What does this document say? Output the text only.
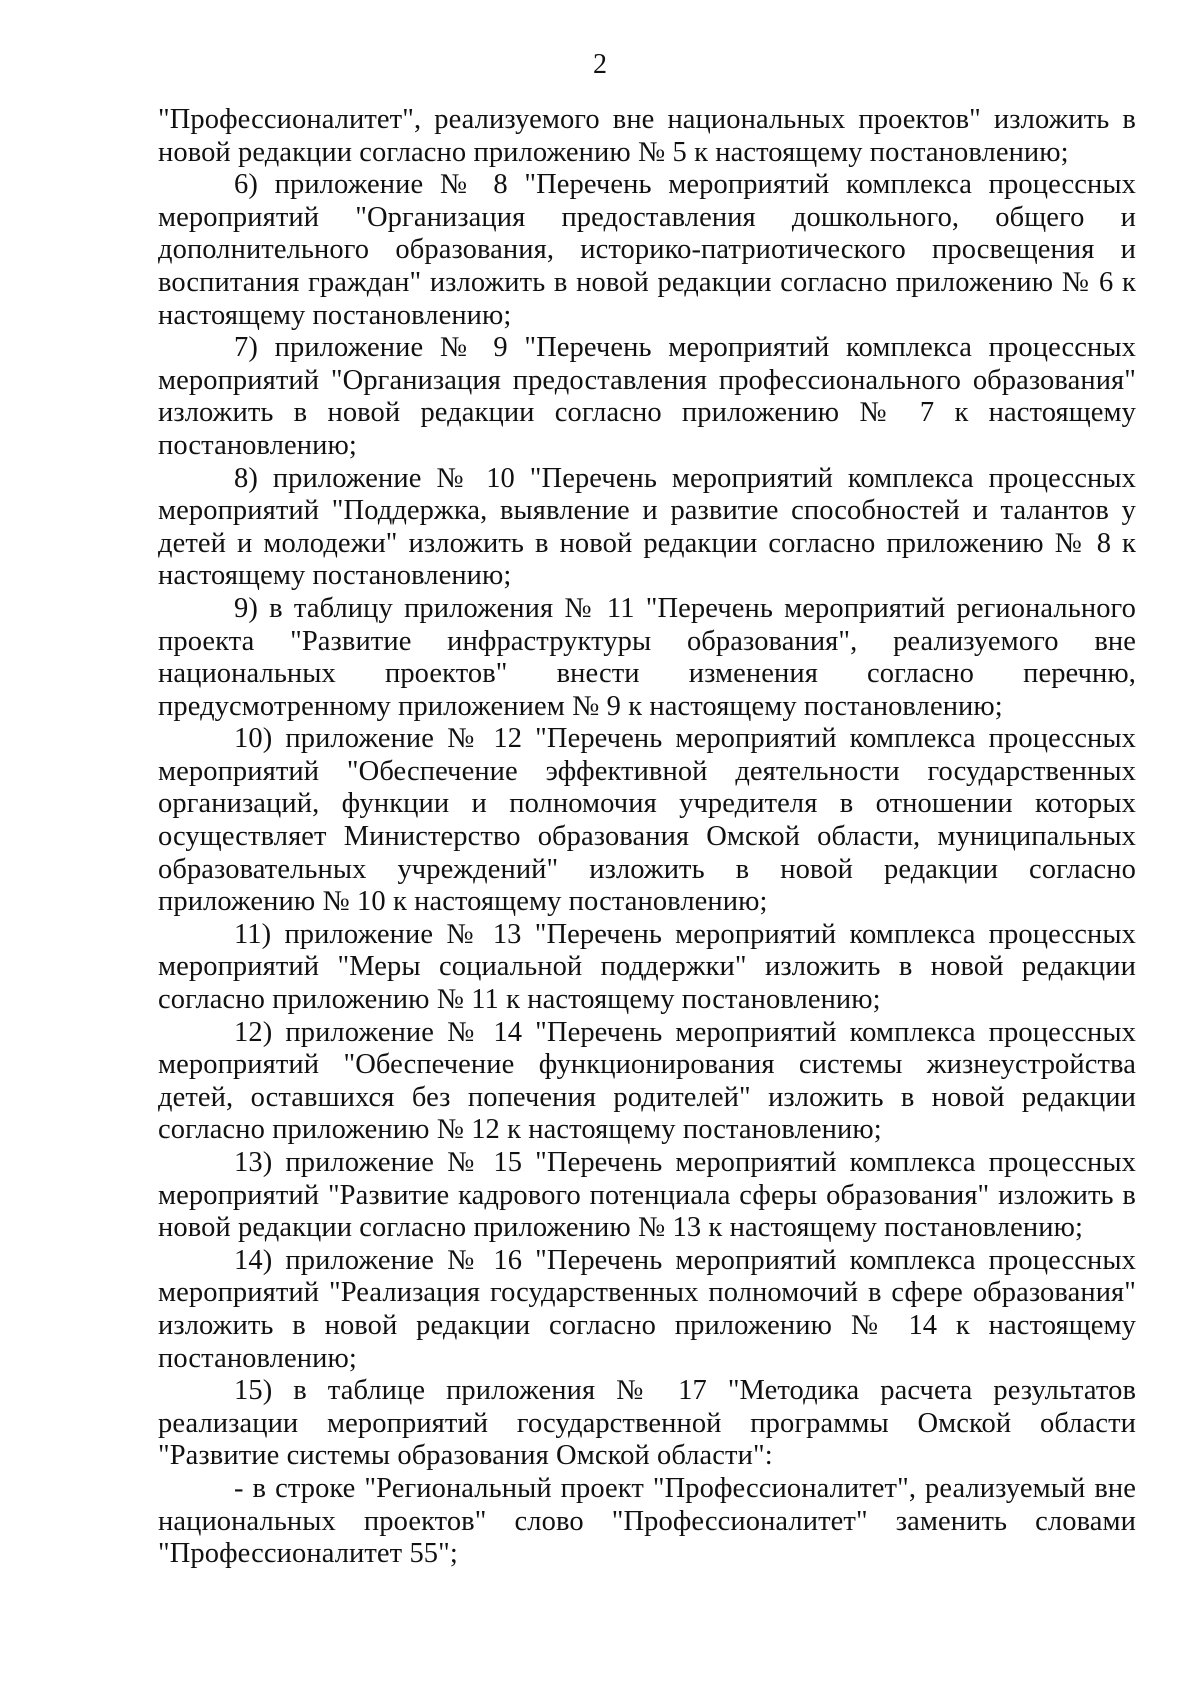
2

"Профессионалитет", реализуемого вне национальных проектов" изложить в новой редакции согласно приложению № 5 к настоящему постановлению;

6) приложение № 8 "Перечень мероприятий комплекса процессных мероприятий "Организация предоставления дошкольного, общего и дополнительного образования, историко-патриотического просвещения и воспитания граждан" изложить в новой редакции согласно приложению № 6 к настоящему постановлению;

7) приложение № 9 "Перечень мероприятий комплекса процессных мероприятий "Организация предоставления профессионального образования" изложить в новой редакции согласно приложению № 7 к настоящему постановлению;

8) приложение № 10 "Перечень мероприятий комплекса процессных мероприятий "Поддержка, выявление и развитие способностей и талантов у детей и молодежи" изложить в новой редакции согласно приложению № 8 к настоящему постановлению;

9) в таблицу приложения № 11 "Перечень мероприятий регионального проекта "Развитие инфраструктуры образования", реализуемого вне национальных проектов" внести изменения согласно перечню, предусмотренному приложением № 9 к настоящему постановлению;

10) приложение № 12 "Перечень мероприятий комплекса процессных мероприятий "Обеспечение эффективной деятельности государственных организаций, функции и полномочия учредителя в отношении которых осуществляет Министерство образования Омской области, муниципальных образовательных учреждений" изложить в новой редакции согласно приложению № 10 к настоящему постановлению;

11) приложение № 13 "Перечень мероприятий комплекса процессных мероприятий "Меры социальной поддержки" изложить в новой редакции согласно приложению № 11 к настоящему постановлению;

12) приложение № 14 "Перечень мероприятий комплекса процессных мероприятий "Обеспечение функционирования системы жизнеустройства детей, оставшихся без попечения родителей" изложить в новой редакции согласно приложению № 12 к настоящему постановлению;

13) приложение № 15 "Перечень мероприятий комплекса процессных мероприятий "Развитие кадрового потенциала сферы образования" изложить в новой редакции согласно приложению № 13 к настоящему постановлению;

14) приложение № 16 "Перечень мероприятий комплекса процессных мероприятий "Реализация государственных полномочий в сфере образования" изложить в новой редакции согласно приложению № 14 к настоящему постановлению;

15) в таблице приложения № 17 "Методика расчета результатов реализации мероприятий государственной программы Омской области "Развитие системы образования Омской области":

- в строке "Региональный проект "Профессионалитет", реализуемый вне национальных проектов" слово "Профессионалитет" заменить словами "Профессионалитет 55";
